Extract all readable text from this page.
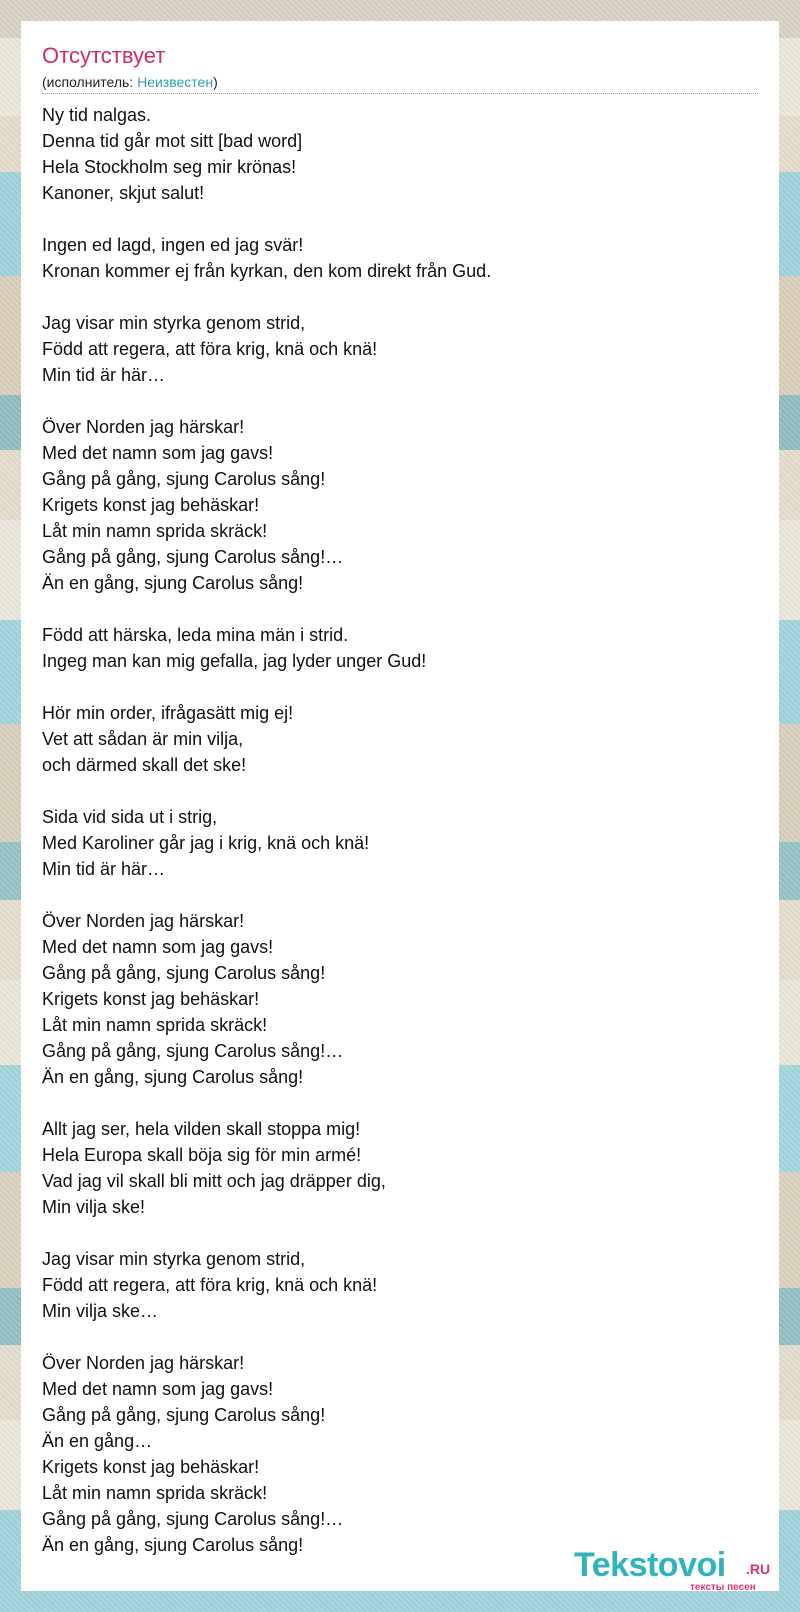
Отсутствует
(исполнитель: Неизвестен)
Ny tid nalgas.
Denna tid går mot sitt [bad word]
Hela Stockholm seg mir krönas!
Kanoner, skjut salut!
Ingen ed lagd, ingen ed jag svär!
Kronan kommer ej från kyrkan, den kom direkt från Gud.
Jag visar min styrka genom strid,
Född att regera, att föra krig, knä och knä!
Min tid är här…
Över Norden jag härskar!
Med det namn som jag gavs!
Gång på gång, sjung Carolus sång!
Krigets konst jag behäskar!
Låt min namn sprida skräck!
Gång på gång, sjung Carolus sång!…
Än en gång, sjung Carolus sång!
Född att härska, leda mina män i strid.
Ingeg man kan mig gefalla, jag lyder unger Gud!
Hör min order, ifrågasätt mig ej!
Vet att sådan är min vilja,
och därmed skall det ske!
Sida vid sida ut i strig,
Med Karoliner går jag i krig, knä och knä!
Min tid är här…
Över Norden jag härskar!
Med det namn som jag gavs!
Gång på gång, sjung Carolus sång!
Krigets konst jag behäskar!
Låt min namn sprida skräck!
Gång på gång, sjung Carolus sång!…
Än en gång, sjung Carolus sång!
Allt jag ser, hela vilden skall stoppa mig!
Hela Europa skall böja sig för min armé!
Vad jag vil skall bli mitt och jag dräpper dig,
Min vilja ske!
Jag visar min styrka genom strid,
Född att regera, att föra krig, knä och knä!
Min vilja ske…
Över Norden jag härskar!
Med det namn som jag gavs!
Gång på gång, sjung Carolus sång!
Än en gång…
Krigets konst jag behäskar!
Låt min namn sprida skräck!
Gång på gång, sjung Carolus sång!…
Än en gång, sjung Carolus sång!
Tekstovoi .RU
тексты песен
